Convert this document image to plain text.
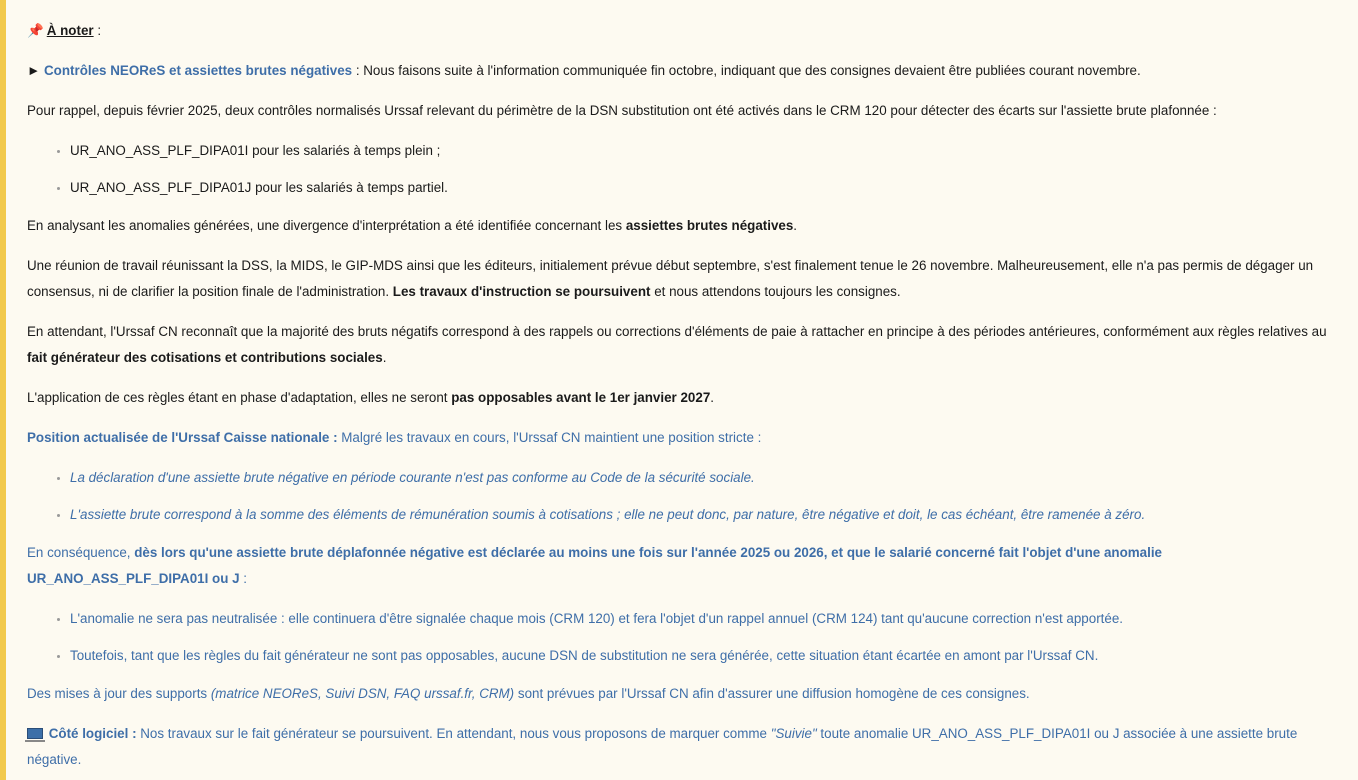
📌 À noter :

► Contrôles NEOReS et assiettes brutes négatives : Nous faisons suite à l'information communiquée fin octobre, indiquant que des consignes devaient être publiées courant novembre.

Pour rappel, depuis février 2025, deux contrôles normalisés Urssaf relevant du périmètre de la DSN substitution ont été activés dans le CRM 120 pour détecter des écarts sur l'assiette brute plafonnée :

• UR_ANO_ASS_PLF_DIPA01I pour les salariés à temps plein ;
• UR_ANO_ASS_PLF_DIPA01J pour les salariés à temps partiel.

En analysant les anomalies générées, une divergence d'interprétation a été identifiée concernant les assiettes brutes négatives.

Une réunion de travail réunissant la DSS, la MIDS, le GIP-MDS ainsi que les éditeurs, initialement prévue début septembre, s'est finalement tenue le 26 novembre. Malheureusement, elle n'a pas permis de dégager un consensus, ni de clarifier la position finale de l'administration. Les travaux d'instruction se poursuivent et nous attendons toujours les consignes.

En attendant, l'Urssaf CN reconnaît que la majorité des bruts négatifs correspond à des rappels ou corrections d'éléments de paie à rattacher en principe à des périodes antérieures, conformément aux règles relatives au fait générateur des cotisations et contributions sociales.

L'application de ces règles étant en phase d'adaptation, elles ne seront pas opposables avant le 1er janvier 2027.

Position actualisée de l'Urssaf Caisse nationale : Malgré les travaux en cours, l'Urssaf CN maintient une position stricte :

• La déclaration d'une assiette brute négative en période courante n'est pas conforme au Code de la sécurité sociale.
• L'assiette brute correspond à la somme des éléments de rémunération soumis à cotisations ; elle ne peut donc, par nature, être négative et doit, le cas échéant, être ramenée à zéro.

En conséquence, dès lors qu'une assiette brute déplafonnée négative est déclarée au moins une fois sur l'année 2025 ou 2026, et que le salarié concerné fait l'objet d'une anomalie UR_ANO_ASS_PLF_DIPA01I ou J :

• L'anomalie ne sera pas neutralisée : elle continuera d'être signalée chaque mois (CRM 120) et fera l'objet d'un rappel annuel (CRM 124) tant qu'aucune correction n'est apportée.
• Toutefois, tant que les règles du fait générateur ne sont pas opposables, aucune DSN de substitution ne sera générée, cette situation étant écartée en amont par l'Urssaf CN.

Des mises à jour des supports (matrice NEOReS, Suivi DSN, FAQ urssaf.fr, CRM) sont prévues par l'Urssaf CN afin d'assurer une diffusion homogène de ces consignes.

Côté logiciel : Nos travaux sur le fait générateur se poursuivent. En attendant, nous vous proposons de marquer comme "Suivie" toute anomalie UR_ANO_ASS_PLF_DIPA01I ou J associée à une assiette brute négative.
